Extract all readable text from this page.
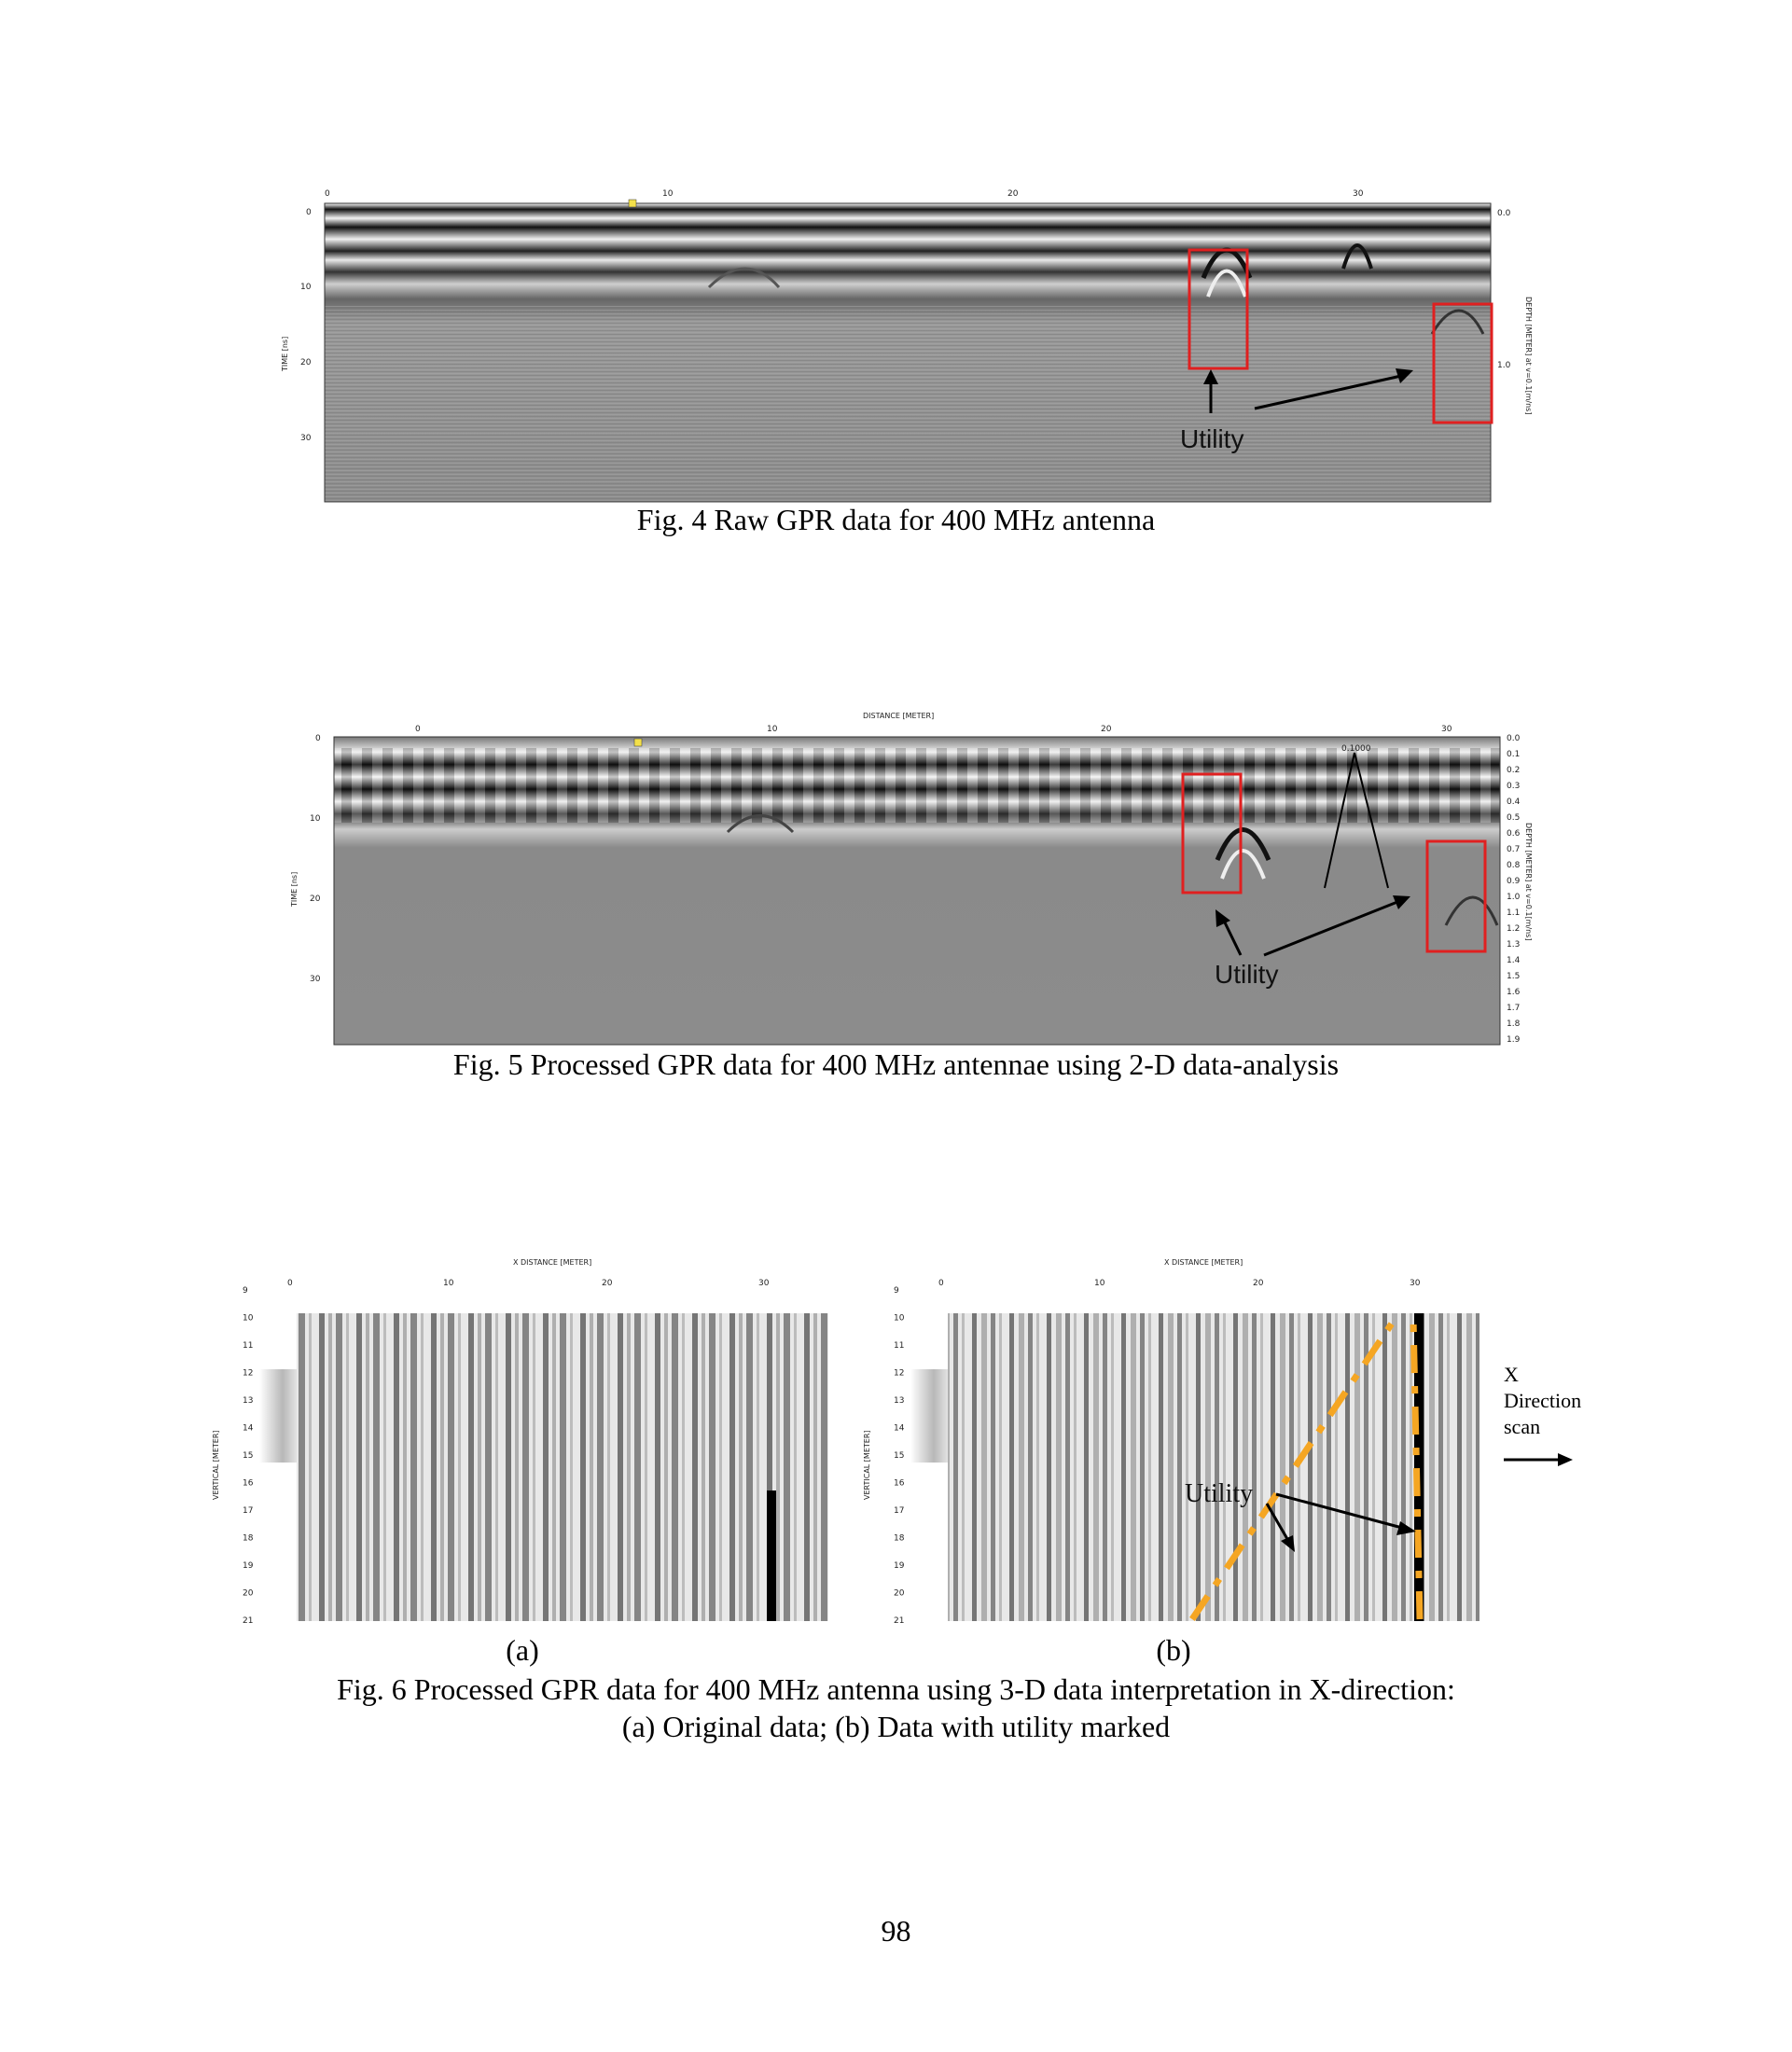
0	10	20	30
0
10
20
30
TIME [ns]
0.0
1.0 DEPTH [METER] at v=0.1[m/ns]
Utility
Fig. 4 Raw GPR data for 400 MHz antenna
DISTANCE [METER]
0	10	20	30
0
10
20
30
TIME [ns]	DEPTH [METER] at v=0.1[m/ns]
0.0
0.1
0.2
0.3
0.4
0.5
0.6
0.7
0.8
0.9
1.0
1.1
1.2
1.3
1.4
1.5
1.6
1.7
1.8
1.9
0.1000
Utility
Fig. 5 Processed GPR data for 400 MHz antennae using 2-D data-analysis
X DISTANCE [METER]
0	10	20	30
9
10
11
12
13
14
15
16
17
18
19
20
21
VERTICAL [METER]
(a)
X DISTANCE [METER]
0	10	20	30
9
10
11
12
13
14
15
16
17
18
19
20
21
VERTICAL [METER]	Utility
(b)
X
Direction
scan
Fig. 6 Processed GPR data for 400 MHz antenna using 3-D data interpretation in X-direction:
(a) Original data; (b) Data with utility marked
98
